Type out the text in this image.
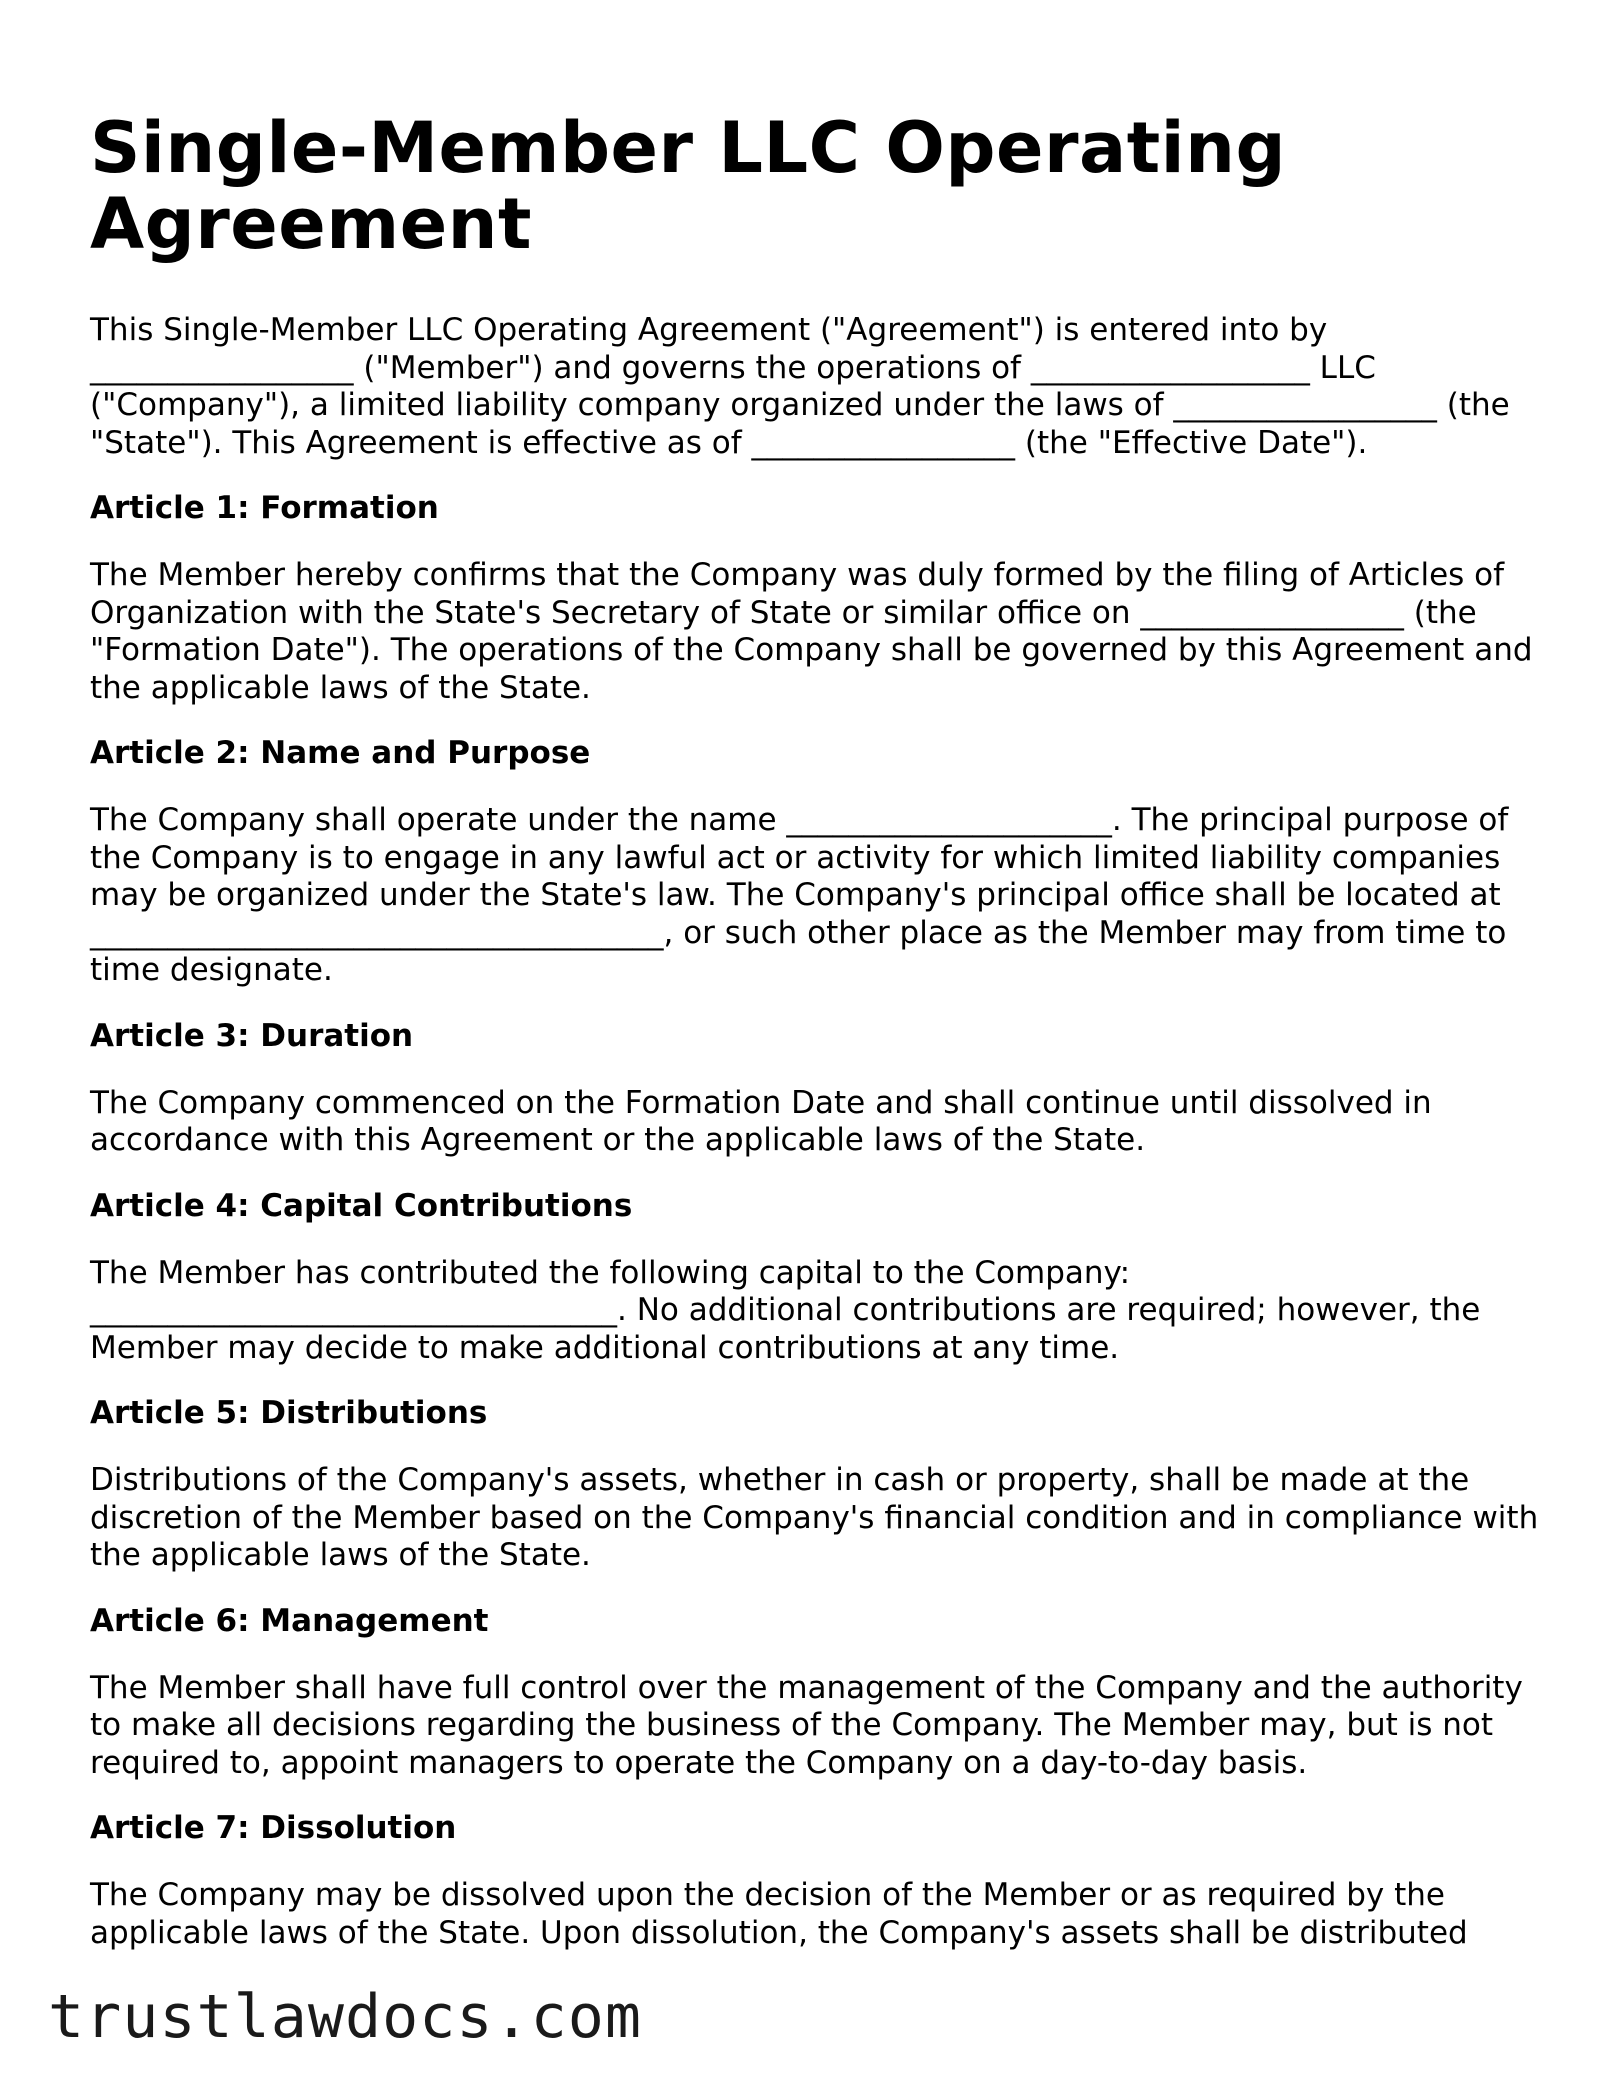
Single-Member LLC Operating Agreement

This Single-Member LLC Operating Agreement ("Agreement") is entered into by _________________ ("Member") and governs the operations of __________________ LLC ("Company"), a limited liability company organized under the laws of _________________ (the "State"). This Agreement is effective as of _________________ (the "Effective Date").

Article 1: Formation

The Member hereby confirms that the Company was duly formed by the filing of Articles of Organization with the State's Secretary of State or similar office on _________________ (the "Formation Date"). The operations of the Company shall be governed by this Agreement and the applicable laws of the State.

Article 2: Name and Purpose

The Company shall operate under the name _____________________. The principal purpose of the Company is to engage in any lawful act or activity for which limited liability companies may be organized under the State's law. The Company's principal office shall be located at _____________________________________, or such other place as the Member may from time to time designate.

Article 3: Duration

The Company commenced on the Formation Date and shall continue until dissolved in accordance with this Agreement or the applicable laws of the State.

Article 4: Capital Contributions

The Member has contributed the following capital to the Company: __________________________________. No additional contributions are required; however, the Member may decide to make additional contributions at any time.

Article 5: Distributions

Distributions of the Company's assets, whether in cash or property, shall be made at the discretion of the Member based on the Company's financial condition and in compliance with the applicable laws of the State.

Article 6: Management

The Member shall have full control over the management of the Company and the authority to make all decisions regarding the business of the Company. The Member may, but is not required to, appoint managers to operate the Company on a day-to-day basis.

Article 7: Dissolution

The Company may be dissolved upon the decision of the Member or as required by the applicable laws of the State. Upon dissolution, the Company's assets shall be distributed

trustlawdocs.com
